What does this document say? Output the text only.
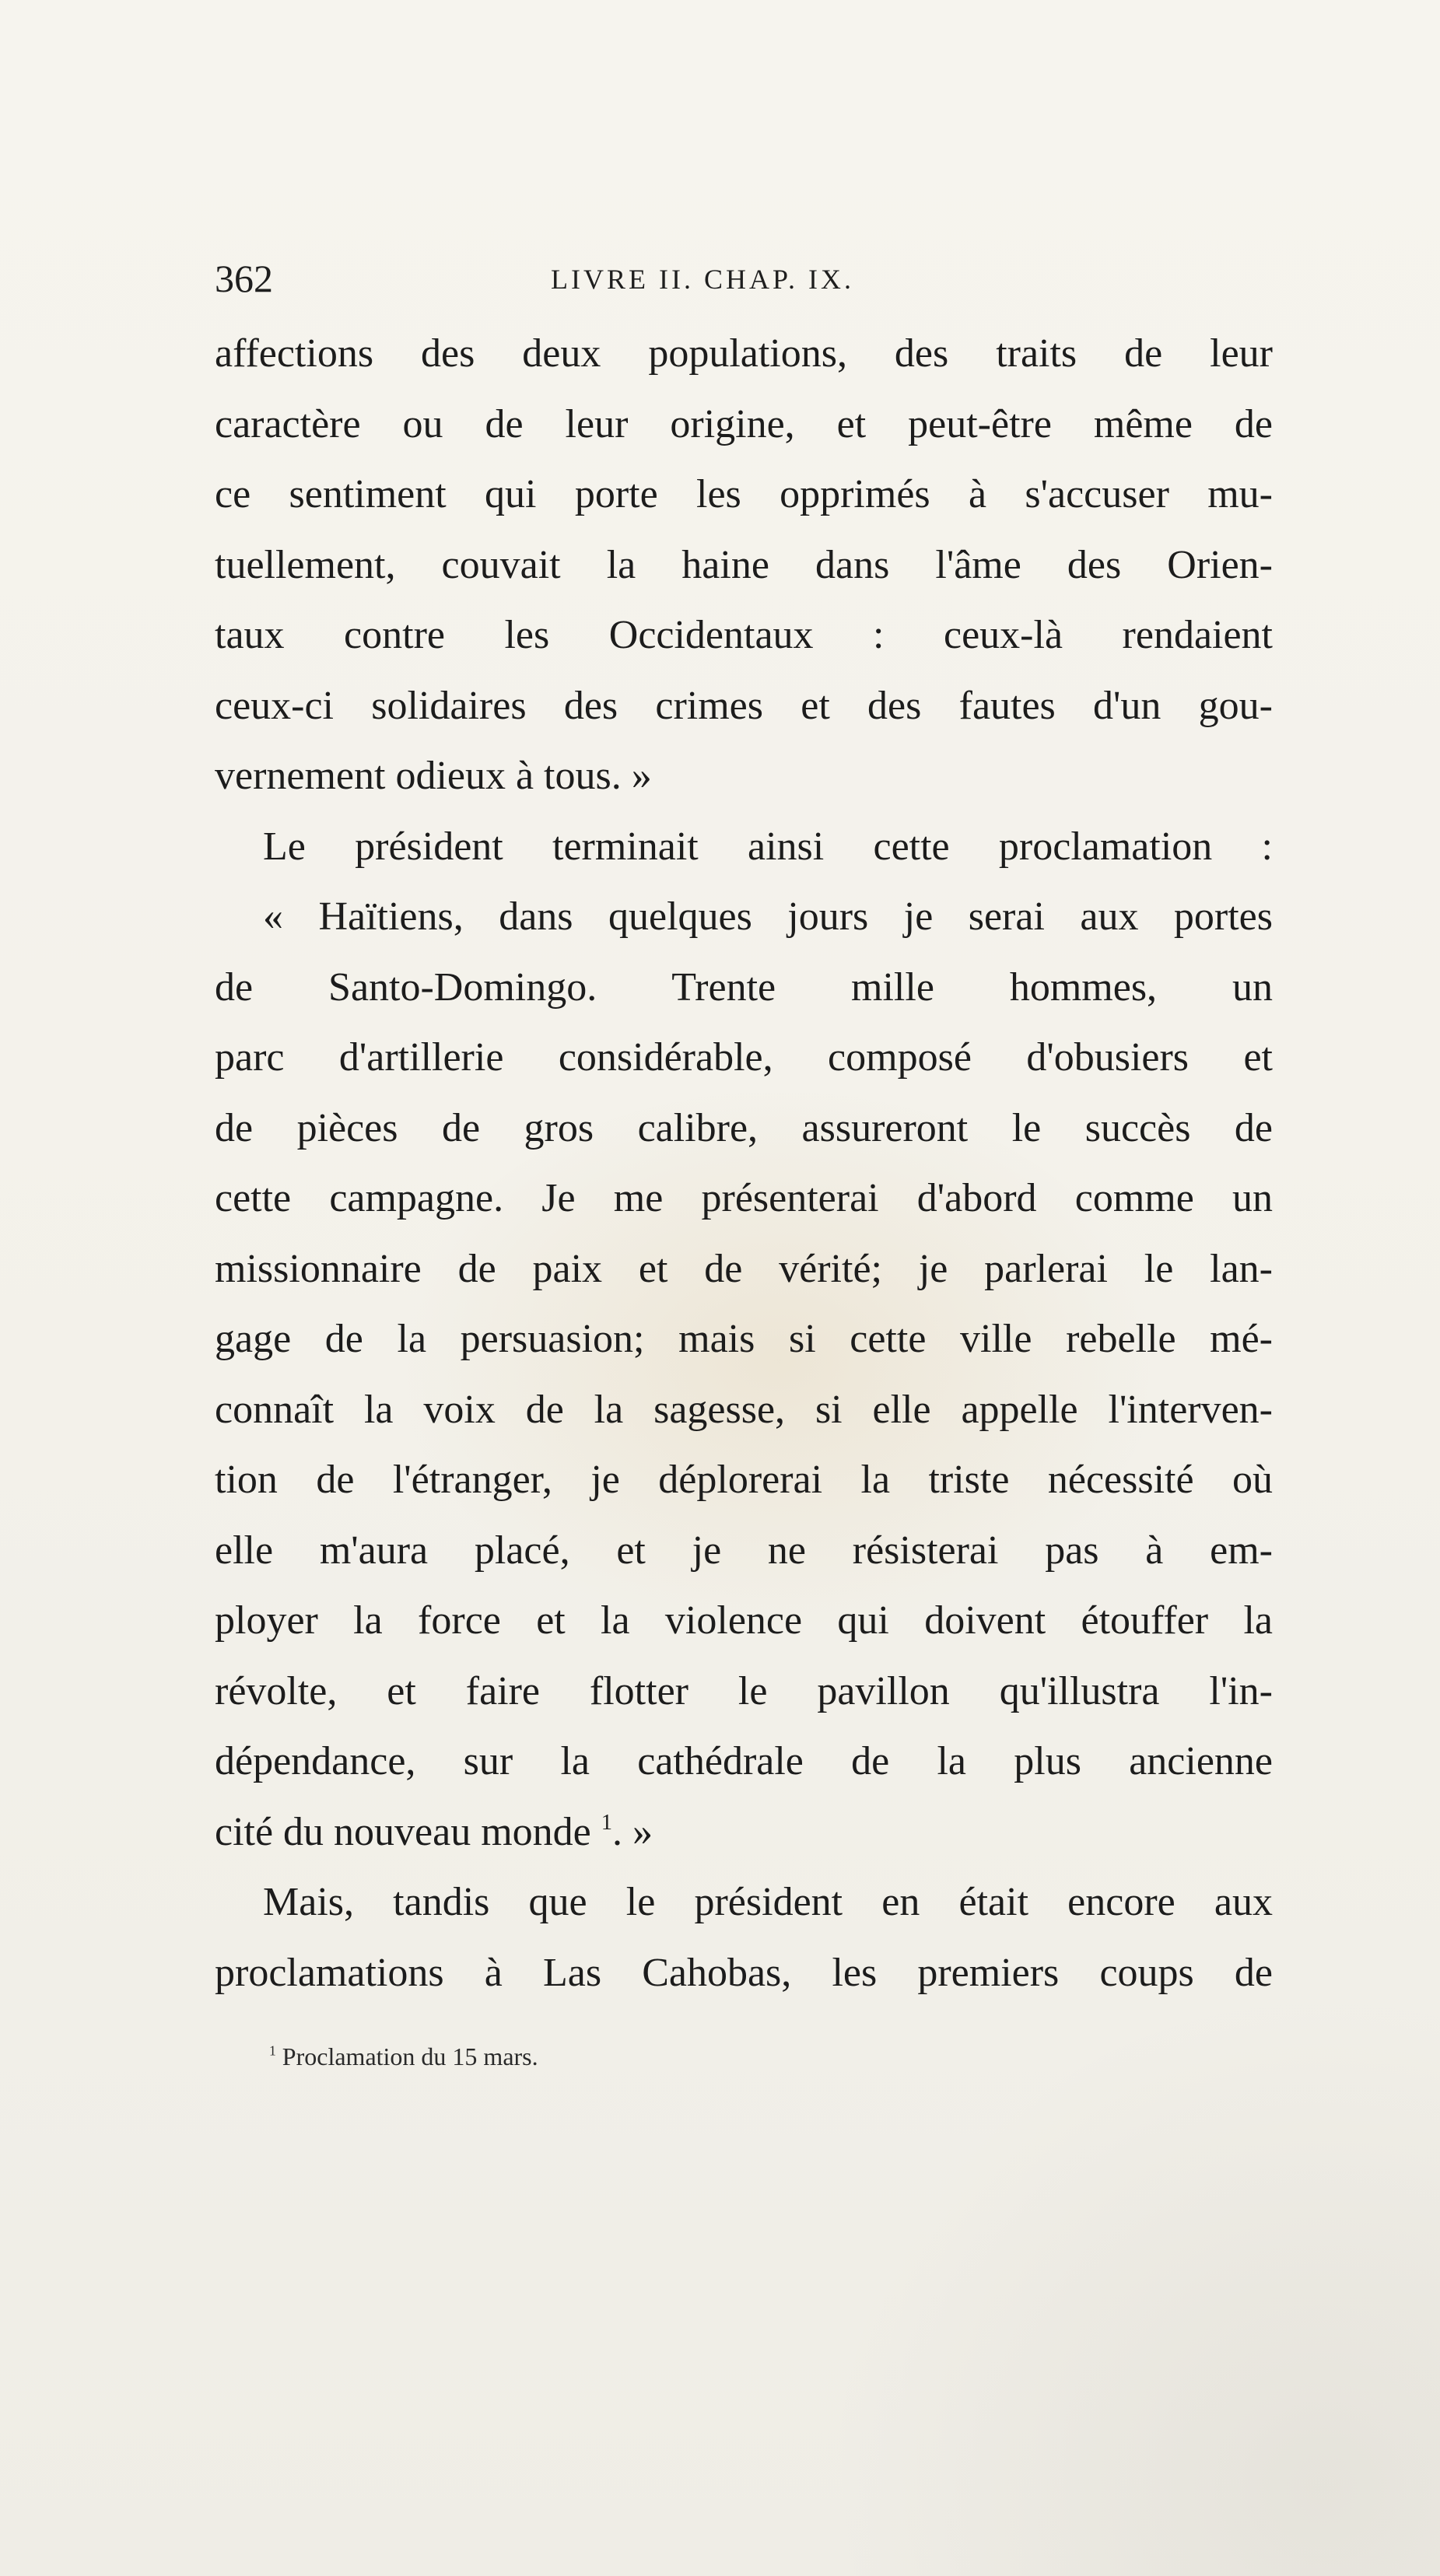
362	LIVRE II. CHAP. IX.
affections des deux populations, des traits de leur
caractère ou de leur origine, et peut-être même de
ce sentiment qui porte les opprimés à s'accuser mu-
tuellement, couvait la haine dans l'âme des Orien-
taux contre les Occidentaux : ceux-là rendaient
ceux-ci solidaires des crimes et des fautes d'un gou-
vernement odieux à tous. »
Le président terminait ainsi cette proclamation :
« Haïtiens, dans quelques jours je serai aux portes
de Santo-Domingo. Trente mille hommes, un
parc d'artillerie considérable, composé d'obusiers et
de pièces de gros calibre, assureront le succès de
cette campagne. Je me présenterai d'abord comme un
missionnaire de paix et de vérité; je parlerai le lan-
gage de la persuasion; mais si cette ville rebelle mé-
connaît la voix de la sagesse, si elle appelle l'interven-
tion de l'étranger, je déplorerai la triste nécessité où
elle m'aura placé, et je ne résisterai pas à em-
ployer la force et la violence qui doivent étouffer la
révolte, et faire flotter le pavillon qu'illustra l'in-
dépendance, sur la cathédrale de la plus ancienne
cité du nouveau monde $^1$. »
Mais, tandis que le président en était encore aux
proclamations à Las Cahobas, les premiers coups de
$^1$ Proclamation du 15 mars.
